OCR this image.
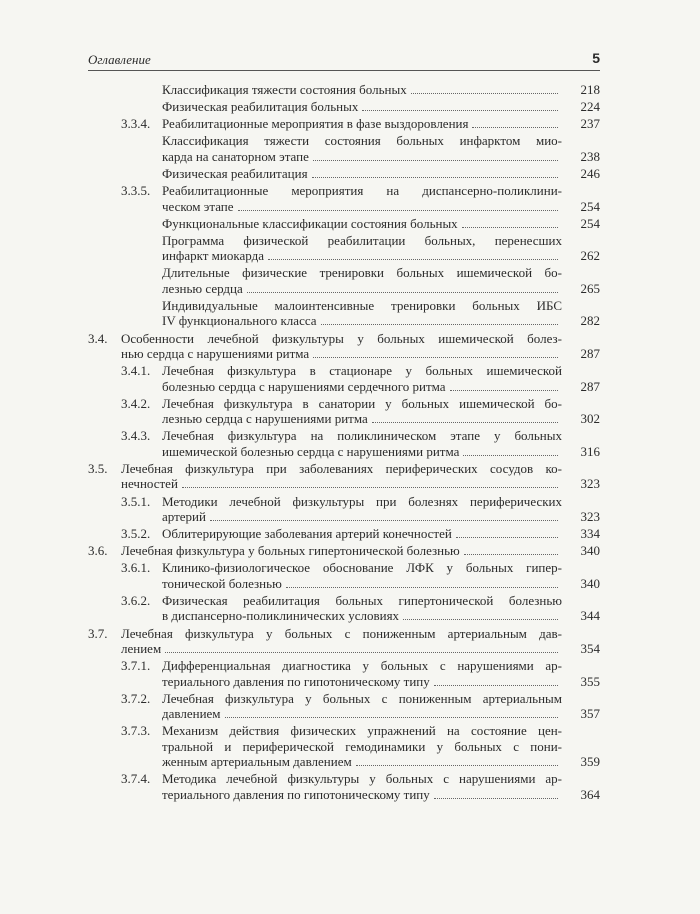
Оглавление	5
Классификация тяжести состояния больных	218
Физическая реабилитация больных	224
3.3.4. Реабилитационные мероприятия в фазе выздоровления	237
Классификация тяжести состояния больных инфарктом мио-
карда на санаторном этапе	238
Физическая реабилитация	246
3.3.5. Реабилитационные мероприятия на диспансерно-поликлини-
ческом этапе	254
Функциональные классификации состояния больных	254
Программа физической реабилитации больных, перенесших
инфаркт миокарда	262
Длительные физические тренировки больных ишемической бо-
лезнью сердца	265
Индивидуальные малоинтенсивные тренировки больных ИБС
IV функционального класса	282
3.4. Особенности лечебной физкультуры у больных ишемической болез-
нью сердца с нарушениями ритма	287
3.4.1. Лечебная физкультура в стационаре у больных ишемической
болезнью сердца с нарушениями сердечного ритма	287
3.4.2. Лечебная физкультура в санатории у больных ишемической бо-
лезнью сердца с нарушениями ритма	302
3.4.3. Лечебная физкультура на поликлиническом этапе у больных
ишемической болезнью сердца с нарушениями ритма	316
3.5. Лечебная физкультура при заболеваниях периферических сосудов ко-
нечностей	323
3.5.1. Методики лечебной физкультуры при болезнях периферических
артерий	323
3.5.2. Облитерирующие заболевания артерий конечностей	334
3.6. Лечебная физкультура у больных гипертонической болезнью	340
3.6.1. Клинико-физиологическое обоснование ЛФК у больных гипер-
тонической болезнью	340
3.6.2. Физическая реабилитация больных гипертонической болезнью
в диспансерно-поликлинических условиях	344
3.7. Лечебная физкультура у больных с пониженным артериальным дав-
лением	354
3.7.1. Дифференциальная диагностика у больных с нарушениями ар-
териального давления по гипотоническому типу	355
3.7.2. Лечебная физкультура у больных с пониженным артериальным
давлением	357
3.7.3. Механизм действия физических упражнений на состояние цен-
тральной и периферической гемодинамики у больных с пони-
женным артериальным давлением	359
3.7.4. Методика лечебной физкультуры у больных с нарушениями ар-
териального давления по гипотоническому типу	364
